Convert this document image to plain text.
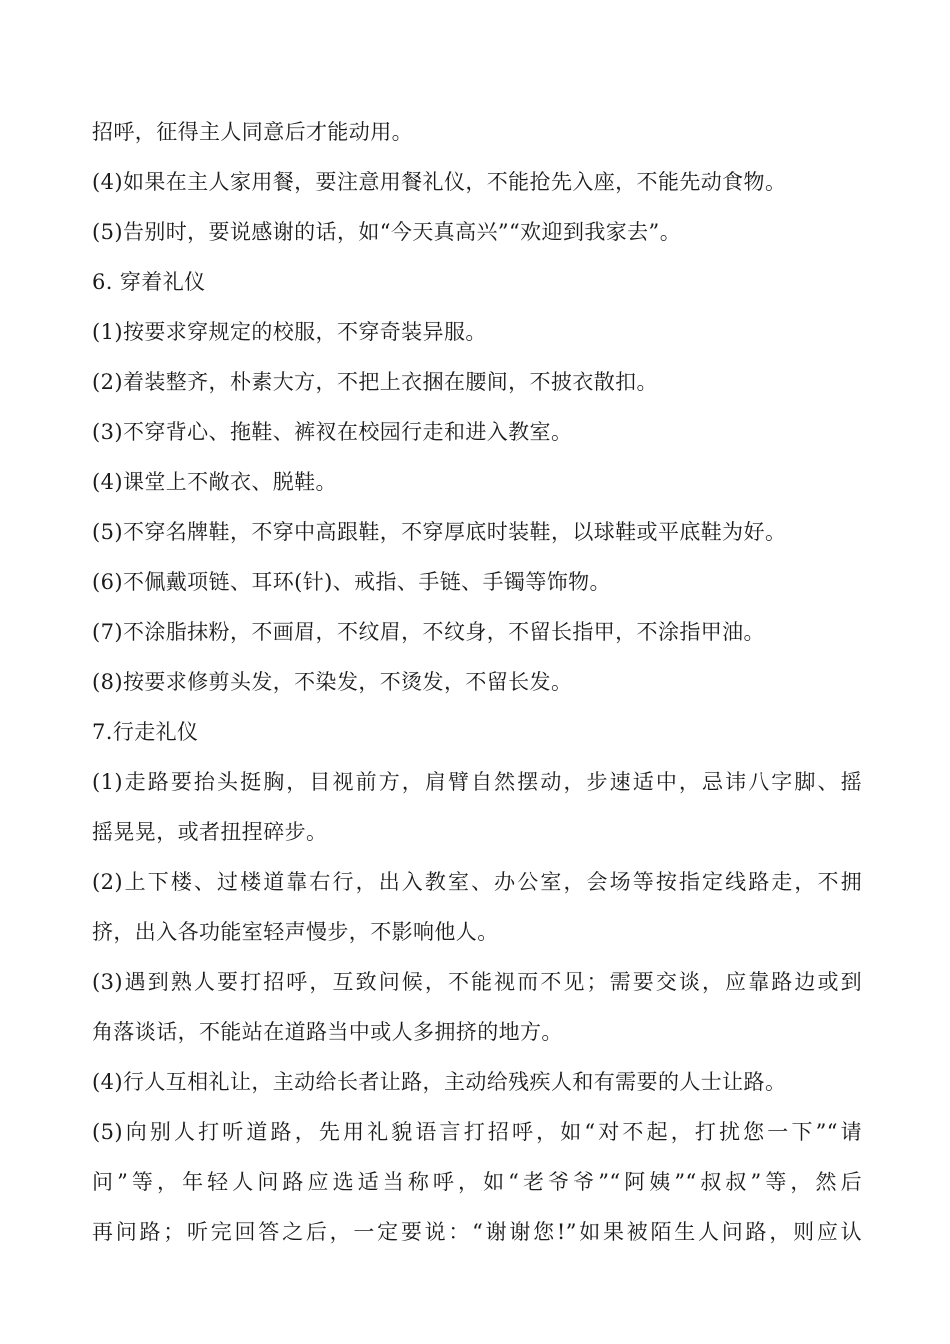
招呼，征得主人同意后才能动用。
(4)如果在主人家用餐，要注意用餐礼仪，不能抢先入座，不能先动食物。
(5)告别时，要说感谢的话，如“今天真高兴”“欢迎到我家去”。
6. 穿着礼仪
(1)按要求穿规定的校服，不穿奇装异服。
(2)着装整齐，朴素大方，不把上衣捆在腰间，不披衣散扣。
(3)不穿背心、拖鞋、裤衩在校园行走和进入教室。
(4)课堂上不敞衣、脱鞋。
(5)不穿名牌鞋，不穿中高跟鞋，不穿厚底时装鞋，以球鞋或平底鞋为好。
(6)不佩戴项链、耳环(针)、戒指、手链、手镯等饰物。
(7)不涂脂抹粉，不画眉，不纹眉，不纹身，不留长指甲，不涂指甲油。
(8)按要求修剪头发，不染发，不烫发，不留长发。
7.行走礼仪
(1)走路要抬头挺胸，目视前方，肩臂自然摆动，步速适中，忌讳八字脚、摇
摇晃晃，或者扭捏碎步。
(2)上下楼、过楼道靠右行，出入教室、办公室，会场等按指定线路走，不拥
挤，出入各功能室轻声慢步，不影响他人。
(3)遇到熟人要打招呼，互致问候，不能视而不见；需要交谈，应靠路边或到
角落谈话，不能站在道路当中或人多拥挤的地方。
(4)行人互相礼让，主动给长者让路，主动给残疾人和有需要的人士让路。
(5)向别人打听道路，先用礼貌语言打招呼，如“对不起，打扰您一下”“请
问”等，年轻人问路应选适当称呼，如“老爷爷”“阿姨”“叔叔”等，然后
再问路；听完回答之后，一定要说：“谢谢您!”如果被陌生人问路，则应认
